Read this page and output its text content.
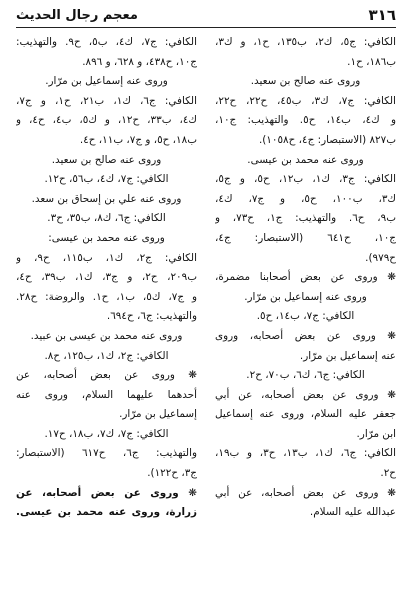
٣١٦
معجم رجال الحديث
الكافي: ج٥، ك٢، ب١٣٥، ح١، و ك٣،
ب١٨٦، ح١.
وروى عنه صالح بن سعيد.
الكافي: ج٧، ك٣، ب٤٥، ح٢٢، ح٢٢،
و ك٤، ب١٤، ح٥. والتهذيب: ج١٠،
ب٨٢٧ (الاستبصار: ج٤، ح١٠٥٨).
وروى عنه محمد بن عيسى.
الكافي: ج٣، ك١، ب١٢، ح٥، و ج٥،
ك٣، ب١٠٠، ح٥، و ج٧، ك٤،
ب٩، ح٦. والتهذيب: ج١، ح٧٣، و
ج١٠، ح٦٤١ (الاستبصار: ج٤،
ح٩٧٩).
❋ وروى عن بعض أصحابنا مضمرة،
وروى عنه إسماعيل بن مرّار.
الكافي: ج٧، ب١٤، ح٥.
❋ وروى عن بعض أصحابه، وروى
عنه إسماعيل بن مرّار.
الكافي: ج٦، ك٦، ب٧٠، ح٢.
❋ وروى عن بعض أصحابه، عن أبي
جعفر عليه السلام، وروى عنه إسماعيل
ابن مرّار.
الكافي: ج٦، ك١، ب١٣، ح٣، و ب١٩،
ح٢.
❋ وروى عن بعض أصحابه، عن أبي
عبدالله عليه السلام.
الكافي: ج٧، ك٤، ب٥، ح٩. والتهذيب:
ج١٠، ح٤٣٨، و ٦٢٨، و ٨٩٦.
وروى عنه إسماعيل بن مرّار.
الكافي: ج٦، ك١، ب٢١، ح١، و ج٧،
ك٤، ب٣٣، ح١٢، و ك٥، ب٤، ح٤، و
ب١٨، ح٥، و ج٧، ب١١، ح٤.
وروى عنه صالح بن سعيد.
الكافي: ج٧، ك٤، ب٥٦، ح١٢.
وروى عنه علي بن إسحاق بن سعد.
الكافي: ج٦، ك٨، ب٣٥، ح٣.
وروى عنه محمد بن عيسى:
الكافي: ج٢، ك١، ب١١٥، ح٩، و
ب٢٠٩، ح٢، و ج٣، ك١، ب٣٩، ح٤،
و ج٧، ك٥، ب١، ح١. والروضة: ح٢٨.
والتهذيب: ج٦، ح٦٩٤.
وروى عنه محمد بن عيسى بن عبيد.
الكافي: ج٢، ك١، ب١٢٥، ح٨.
❋ وروى عن بعض أصحابه، عن
أحدهما عليهما السلام، وروى عنه
إسماعيل بن مرّار.
الكافي: ج٧، ك٧، ب١٨، ح١٧.
والتهذيب: ج٦، ح٦١٧ (الاستبصار:
ج٣، ح١٢٢).
❋ وروى عن بعض أصحابه، عن
زرارة، وروى عنه محمد بن عيسى.
